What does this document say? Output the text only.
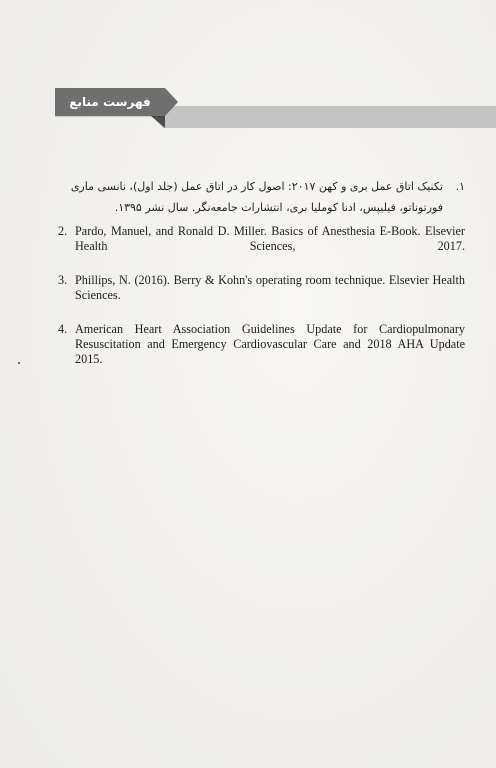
فهرست منابع
۱.
تکنیک اتاق عمل بری و کهن ۲۰۱۷: اصول کار در اتاق عمل (جلد اول)، نانسی ماری فورتوناتو، فیلیپس، ادنا کوملیا بری، انتشارات جامعه‌نگر. سال نشر ۱۳۹۵.
2. Pardo, Manuel, and Ronald D. Miller. Basics of Anesthesia E-Book. Elsevier Health Sciences, 2017.
3. Phillips, N. (2016). Berry & Kohn's operating room technique. Elsevier Health Sciences.
4. American Heart Association Guidelines Update for Cardiopulmonary Resuscitation and Emergency Cardiovascular Care and 2018 AHA Update 2015.
